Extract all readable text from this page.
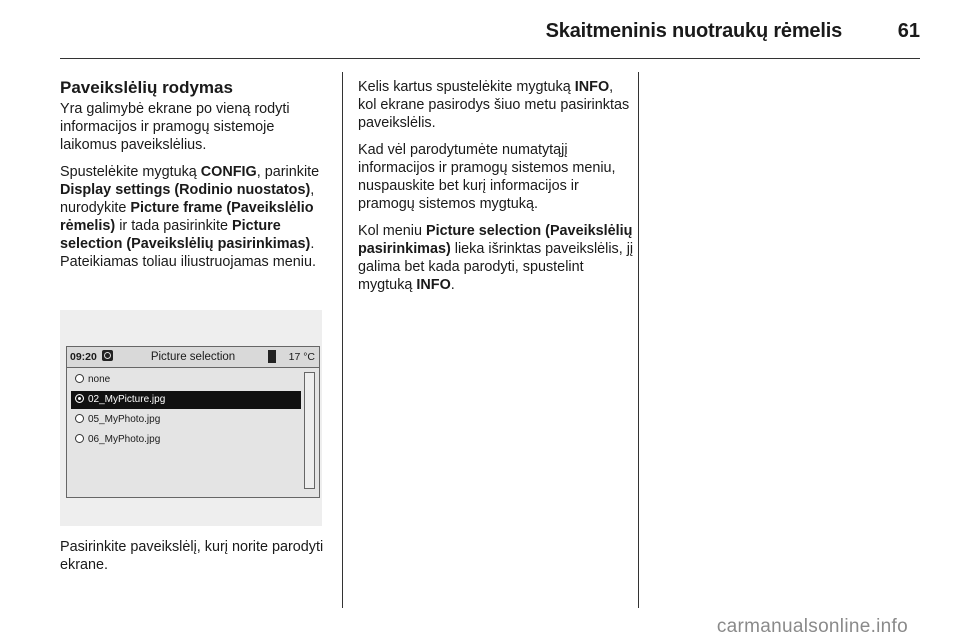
Skaitmeninis nuotraukų rėmelis	61
Paveikslėlių rodymas

Yra galimybė ekrane po vieną rodyti informacijos ir pramogų sistemoje laikomus paveikslėlius.

Spustelėkite mygtuką CONFIG, parinkite Display settings (Rodinio nuostatos), nurodykite Picture frame (Paveikslėlio rėmelis) ir tada pasirinkite Picture selection (Paveikslėlių pasirinkimas).
Pateikiamas toliau iliustruojamas meniu.

09:20	Picture selection	17 °C
none
02_MyPicture.jpg
05_MyPhoto.jpg
06_MyPhoto.jpg

Pasirinkite paveikslėlį, kurį norite parodyti ekrane.

Kelis kartus spustelėkite mygtuką INFO, kol ekrane pasirodys šiuo metu pasirinktas paveikslėlis.

Kad vėl parodytumėte numatytąjį informacijos ir pramogų sistemos meniu, nuspauskite bet kurį informacijos ir pramogų sistemos mygtuką.

Kol meniu Picture selection (Paveikslėlių pasirinkimas) lieka išrinktas paveikslėlis, jį galima bet kada parodyti, spustelint mygtuką INFO.

carmanualsonline.info
